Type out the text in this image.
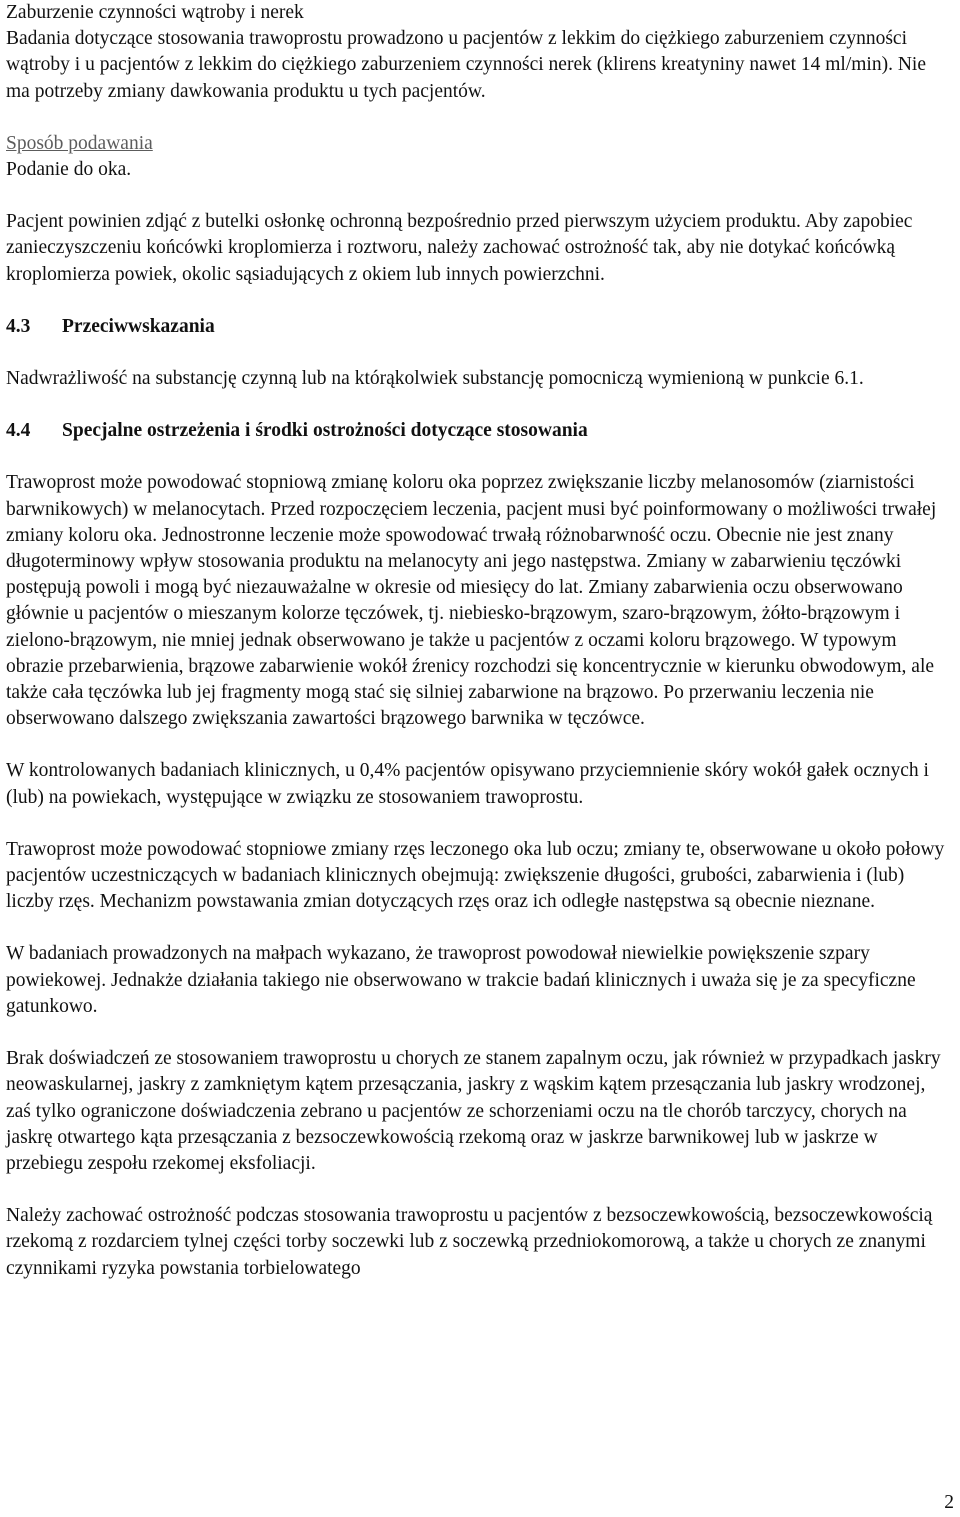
Zaburzenie czynności wątroby i nerek

Badania dotyczące stosowania trawoprostu prowadzono u pacjentów z lekkim do ciężkiego zaburzeniem czynności wątroby i u pacjentów z lekkim do ciężkiego zaburzeniem czynności nerek (klirens kreatyniny nawet 14 ml/min). Nie ma potrzeby zmiany dawkowania produktu u tych pacjentów.

Sposób podawania

Podanie do oka.

Pacjent powinien zdjąć z butelki osłonkę ochronną bezpośrednio przed pierwszym użyciem produktu. Aby zapobiec zanieczyszczeniu końcówki kroplomierza i roztworu, należy zachować ostrożność tak, aby nie dotykać końcówką kroplomierza powiek, okolic sąsiadujących z okiem lub innych powierzchni.

4.3 Przeciwwskazania

Nadwrażliwość na substancję czynną lub na którąkolwiek substancję pomocniczą wymienioną w punkcie 6.1.

4.4 Specjalne ostrzeżenia i środki ostrożności dotyczące stosowania

Trawoprost może powodować stopniową zmianę koloru oka poprzez zwiększanie liczby melanosomów (ziarnistości barwnikowych) w melanocytach. Przed rozpoczęciem leczenia, pacjent musi być poinformowany o możliwości trwałej zmiany koloru oka. Jednostronne leczenie może spowodować trwałą różnobarwność oczu. Obecnie nie jest znany długoterminowy wpływ stosowania produktu na melanocyty ani jego następstwa. Zmiany w zabarwieniu tęczówki postępują powoli i mogą być niezauważalne w okresie od miesięcy do lat. Zmiany zabarwienia oczu obserwowano głównie u pacjentów o mieszanym kolorze tęczówek, tj. niebiesko-brązowym, szaro-brązowym, żółto-brązowym i zielono-brązowym, nie mniej jednak obserwowano je także u pacjentów z oczami koloru brązowego. W typowym obrazie przebarwienia, brązowe zabarwienie wokół źrenicy rozchodzi się koncentrycznie w kierunku obwodowym, ale także cała tęczówka lub jej fragmenty mogą stać się silniej zabarwione na brązowo. Po przerwaniu leczenia nie obserwowano dalszego zwiększania zawartości brązowego barwnika w tęczówce.

W kontrolowanych badaniach klinicznych, u 0,4% pacjentów opisywano przyciemnienie skóry wokół gałek ocznych i (lub) na powiekach, występujące w związku ze stosowaniem trawoprostu.

Trawoprost może powodować stopniowe zmiany rzęs leczonego oka lub oczu; zmiany te, obserwowane u około połowy pacjentów uczestniczących w badaniach klinicznych obejmują: zwiększenie długości, grubości, zabarwienia i (lub) liczby rzęs. Mechanizm powstawania zmian dotyczących rzęs oraz ich odległe następstwa są obecnie nieznane.

W badaniach prowadzonych na małpach wykazano, że trawoprost powodował niewielkie powiększenie szpary powiekowej. Jednakże działania takiego nie obserwowano w trakcie badań klinicznych i uważa się je za specyficzne gatunkowo.

Brak doświadczeń ze stosowaniem trawoprostu u chorych ze stanem zapalnym oczu, jak również w przypadkach jaskry neowaskularnej, jaskry z zamkniętym kątem przesączania, jaskry z wąskim kątem przesączania lub jaskry wrodzonej, zaś tylko ograniczone doświadczenia zebrano u pacjentów ze schorzeniami oczu na tle chorób tarczycy, chorych na jaskrę otwartego kąta przesączania z bezsoczewkowością rzekomą oraz w jaskrze barwnikowej lub w jaskrze w przebiegu zespołu rzekomej eksfoliacji.

Należy zachować ostrożność podczas stosowania trawoprostu u pacjentów z bezsoczewkowością, bezsoczewkowością rzekomą z rozdarciem tylnej części torby soczewki lub z soczewką przedniokomorową, a także u chorych ze znanymi czynnikami ryzyka powstania torbielowatego

2
